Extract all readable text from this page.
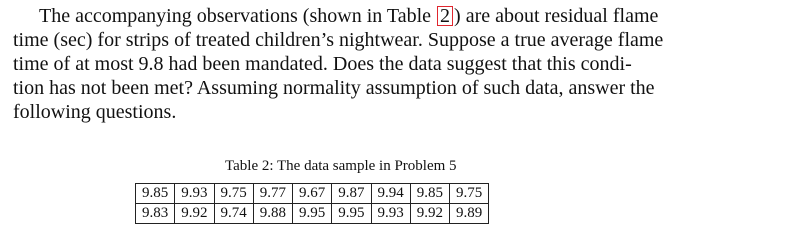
The accompanying observations (shown in Table 2 ) are about residual flame
time (sec) for strips of treated children’s nightwear. Suppose a true average flame
time of at most 9.8 had been mandated. Does the data suggest that this condi-
tion has not been met? Assuming normality assumption of such data, answer the
following questions.
Table 2: The data sample in Problem 5
9.85	9.93	9.75	9.77	9.67	9.87	9.94	9.85	9.75
9.83	9.92	9.74	9.88	9.95	9.95	9.93	9.92	9.89
